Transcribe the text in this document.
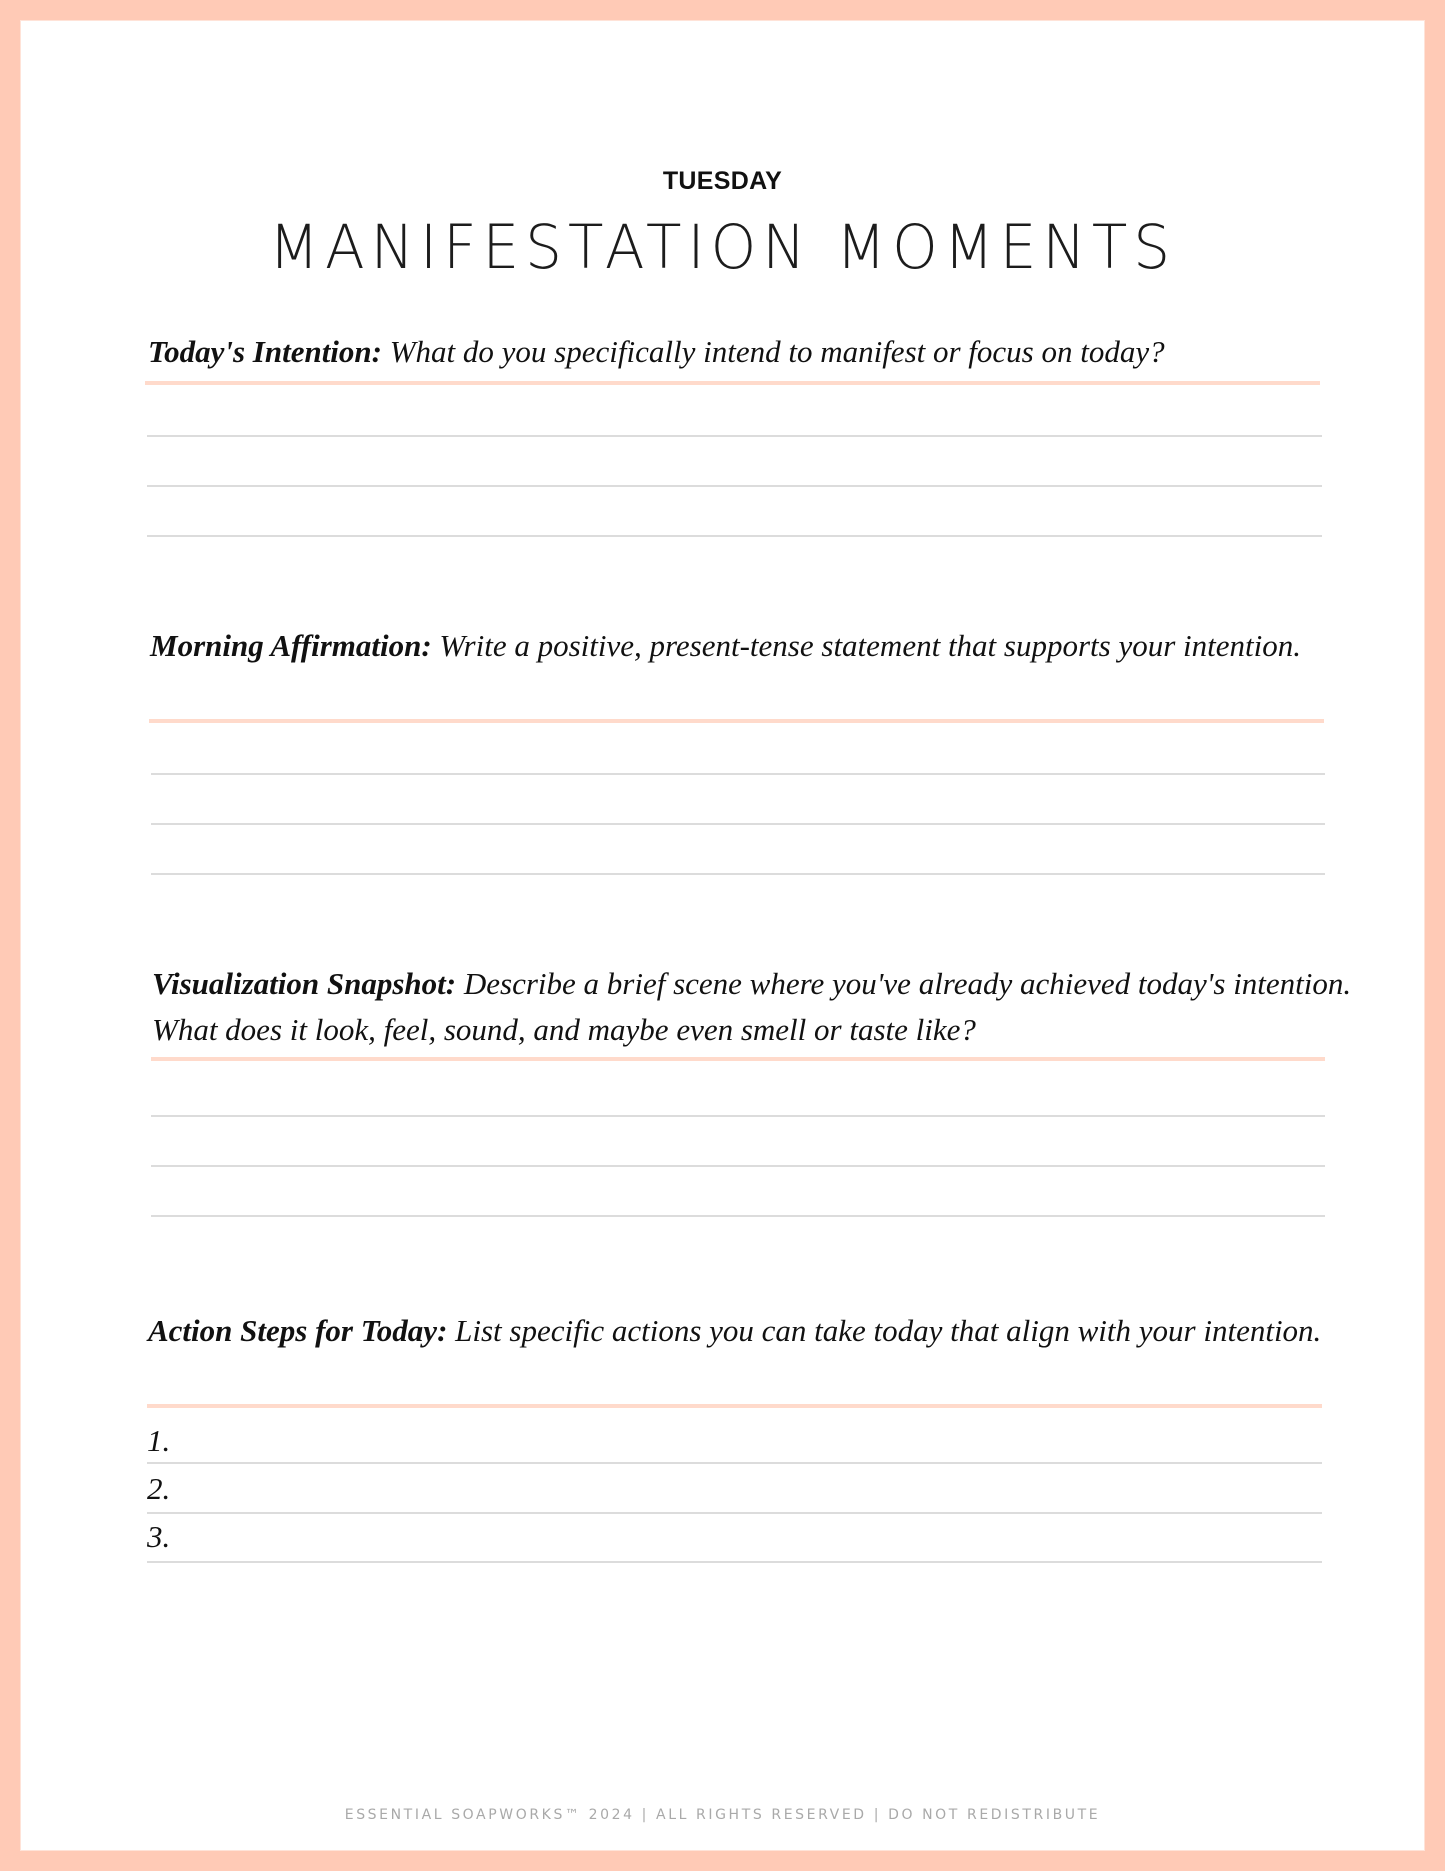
TUESDAY
MANIFESTATION MOMENTS
Today's Intention: What do you specifically intend to manifest or focus on today?
Morning Affirmation: Write a positive, present-tense statement that supports your intention.
Visualization Snapshot: Describe a brief scene where you've already achieved today's intention. What does it look, feel, sound, and maybe even smell or taste like?
Action Steps for Today: List specific actions you can take today that align with your intention.
1.
2.
3.
ESSENTIAL SOAPWORKS™ 2024 | ALL RIGHTS RESERVED | DO NOT REDISTRIBUTE
